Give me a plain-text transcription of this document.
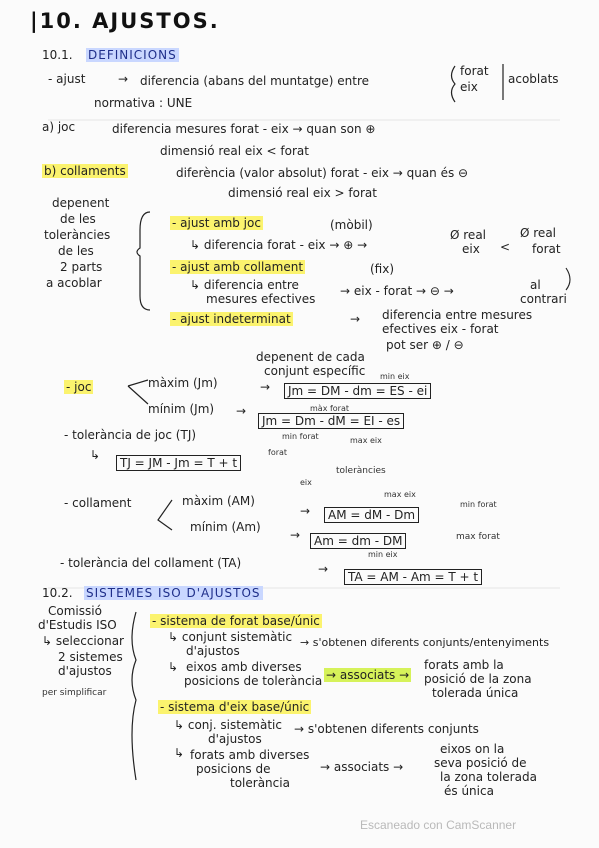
|10. AJUSTOS.
10.1. DEFINICIONS
- ajust	→ diferencia (abans del muntatge) entre
forat
eix
acoblats
normativa : UNE
a) joc	diferencia mesures forat - eix → quan son ⊕
dimensió real eix < forat
b) collaments	diferència (valor absolut) forat - eix → quan és ⊖
dimensió real eix > forat
depenent
de les
toleràncies
de les
2 parts
a acoblar
- ajust amb joc	(mòbil)
↳ diferencia forat - eix → ⊕ →
Ø real
eix <
Ø real
forat
- ajust amb collament	(fix)
↳ diferencia entre
mesures efectives
→ eix - forat → ⊖ →	al
contrari
- ajust indeterminat	→ diferencia entre mesures
efectives eix - forat
pot ser ⊕ / ⊖
depenent de cada
conjunt específic
- joc	màxim (Jm)	→	Jm = DM - dm = ES - ei
min eix
mínim (Jm) →
Jm = Dm - dM = EI - es
màx forat
min forat	max eix
- tolerància de joc (TJ)
↳
TJ = JM - Jm = T + t
forat
eix
toleràncies
- collament	màxim (AM)
→	AM = dM - Dm
max eix
min forat
mínim (Am)
→	Am = dm - DM
min eix
max forat
- tolerància del collament (TA)	→
TA = AM - Am = T + t
10.2. SISTEMES ISO D'AJUSTOS
Comissió
d'Estudis ISO
↳ seleccionar
2 sistemes
d'ajustos
per simplificar
- sistema de forat base/únic
↳ conjunt sistemàtic
d'ajustos
→ s'obtenen diferents conjunts/entenyiments
↳ eixos amb diverses
posicions de tolerància → associats →
forats amb la
posició de la zona
tolerada única
- sistema d'eix base/únic
↳ conj. sistemàtic
d'ajustos
→ s'obtenen diferents conjunts
↳ forats amb diverses
posicions de
tolerància
→ associats →
eixos on la
seva posició de
la zona tolerada
és única
Escaneado con CamScanner
